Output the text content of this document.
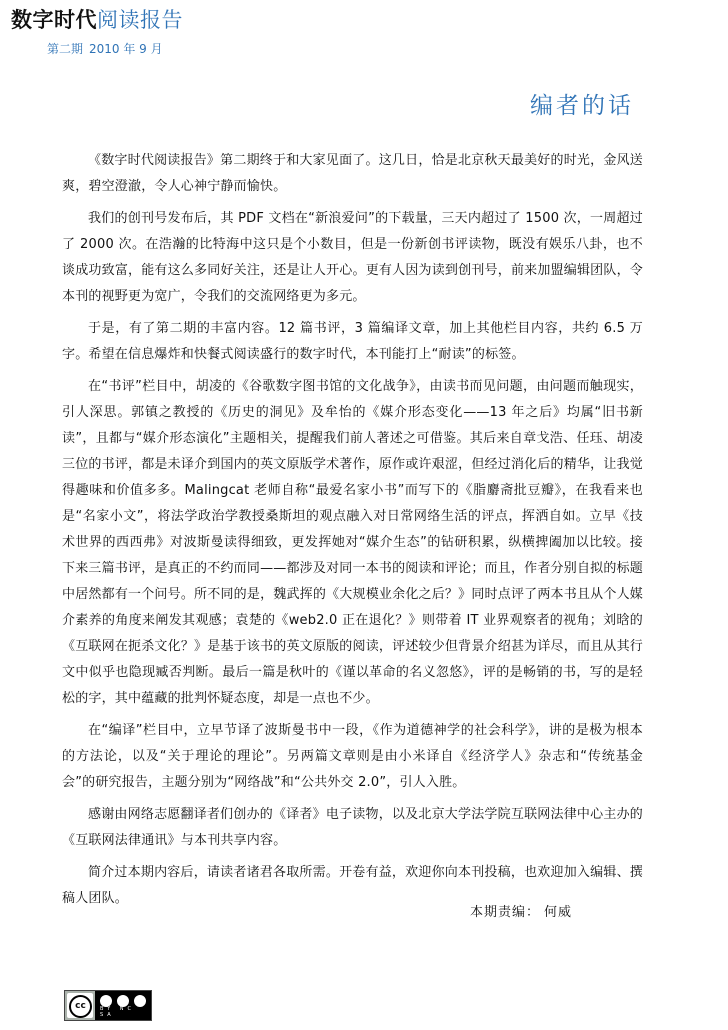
数字时代阅读报告
第二期 2010 年 9 月
编者的话

《数字时代阅读报告》第二期终于和大家见面了。这几日，恰是北京秋天最美好的时光，金风送爽，碧空澄澈，令人心神宁静而愉快。

我们的创刊号发布后，其 PDF 文档在“新浪爱问”的下载量，三天内超过了 1500 次，一周超过了 2000 次。在浩瀚的比特海中这只是个小数目，但是一份新创书评读物，既没有娱乐八卦，也不谈成功致富，能有这么多同好关注，还是让人开心。更有人因为读到创刊号，前来加盟编辑团队，令本刊的视野更为宽广，令我们的交流网络更为多元。

于是，有了第二期的丰富内容。12 篇书评，3 篇编译文章，加上其他栏目内容，共约 6.5 万字。希望在信息爆炸和快餐式阅读盛行的数字时代，本刊能打上“耐读”的标签。

在“书评”栏目中，胡凌的《谷歌数字图书馆的文化战争》，由读书而见问题，由问题而触现实，引人深思。郭镇之教授的《历史的洞见》及牟怡的《媒介形态变化——13 年之后》均属“旧书新读”，且都与“媒介形态演化”主题相关，提醒我们前人著述之可借鉴。其后来自章戈浩、任珏、胡凌三位的书评，都是未译介到国内的英文原版学术著作，原作或许艰涩，但经过消化后的精华，让我觉得趣味和价值多多。Malingcat 老师自称“最爱名家小书”而写下的《脂麝斋批豆瓣》，在我看来也是“名家小文”，将法学政治学教授桑斯坦的观点融入对日常网络生活的评点，挥洒自如。立早《技术世界的西西弗》对波斯曼读得细致，更发挥她对“媒介生态”的钻研积累，纵横捭阖加以比较。接下来三篇书评，是真正的不约而同——都涉及对同一本书的阅读和评论；而且，作者分别自拟的标题中居然都有一个问号。所不同的是，魏武挥的《大规模业余化之后？》同时点评了两本书且从个人媒介素养的角度来阐发其观感；袁楚的《web2.0 正在退化？》则带着 IT 业界观察者的视角；刘晗的《互联网在扼杀文化？》是基于该书的英文原版的阅读，评述较少但背景介绍甚为详尽，而且从其行文中似乎也隐现臧否判断。最后一篇是秋叶的《谨以革命的名义忽悠》，评的是畅销的书，写的是轻松的字，其中蕴藏的批判怀疑态度，却是一点也不少。

在“编译”栏目中，立早节译了波斯曼书中一段，《作为道德神学的社会科学》，讲的是极为根本的方法论，以及“关于理论的理论”。另两篇文章则是由小米译自《经济学人》杂志和“传统基金会”的研究报告，主题分别为“网络战”和“公共外交 2.0”，引人入胜。

感谢由网络志愿翻译者们创办的《译者》电子读物，以及北京大学法学院互联网法律中心主办的《互联网法律通讯》与本刊共享内容。

简介过本期内容后，请读者诸君各取所需。开卷有益，欢迎你向本刊投稿，也欢迎加入编辑、撰稿人团队。

本期责编： 何威
cc	BY NC SA
